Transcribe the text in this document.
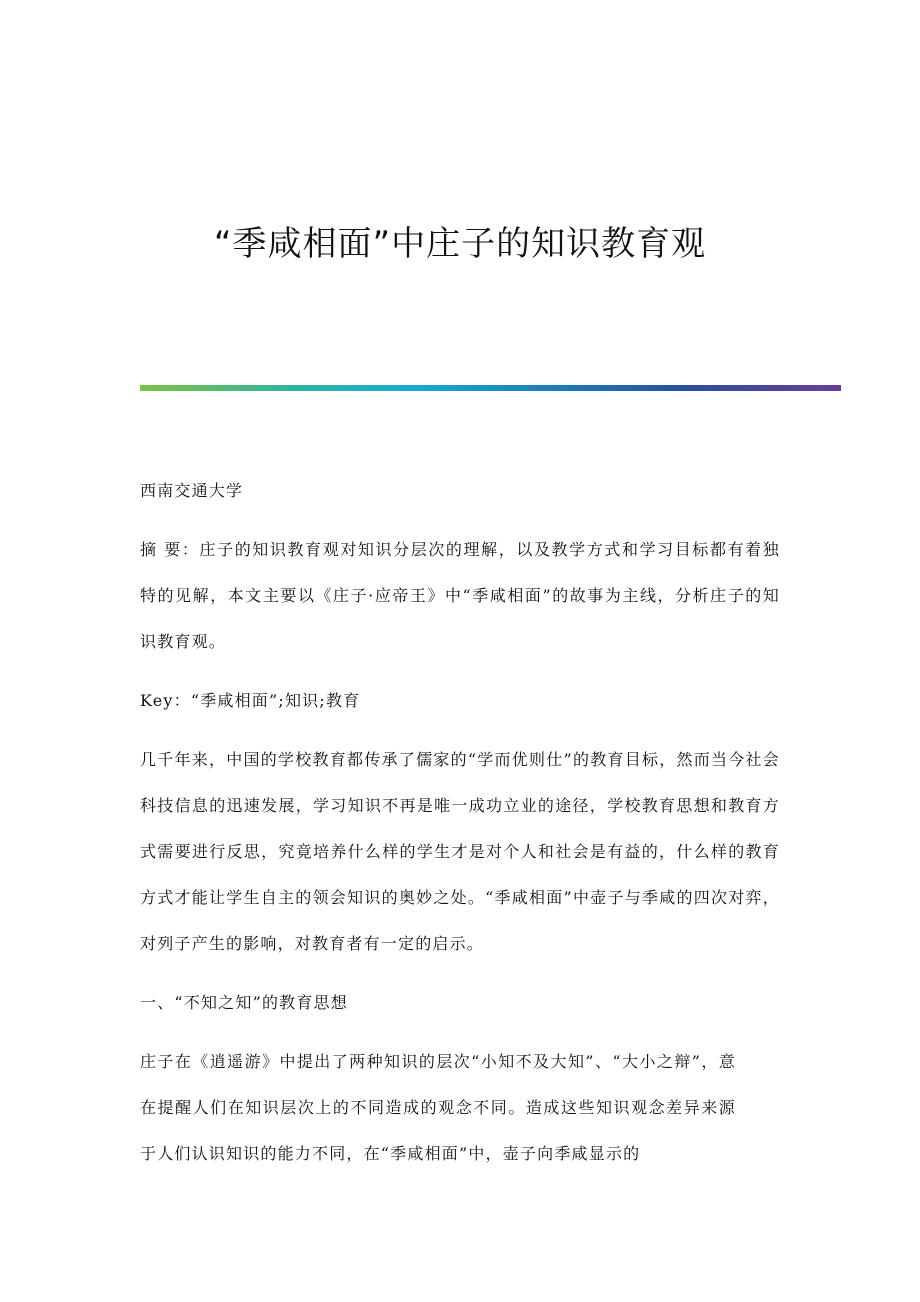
“季咸相面”中庄子的知识教育观

西南交通大学

摘 要：庄子的知识教育观对知识分层次的理解，以及教学方式和学习目标都有着独特的见解，本文主要以《庄子·应帝王》中“季咸相面”的故事为主线，分析庄子的知识教育观。

Key：“季咸相面”;知识;教育

几千年来，中国的学校教育都传承了儒家的“学而优则仕”的教育目标，然而当今社会科技信息的迅速发展，学习知识不再是唯一成功立业的途径，学校教育思想和教育方式需要进行反思，究竟培养什么样的学生才是对个人和社会是有益的，什么样的教育方式才能让学生自主的领会知识的奥妙之处。“季咸相面”中壶子与季咸的四次对弈，对列子产生的影响，对教育者有一定的启示。

一、“不知之知”的教育思想

庄子在《逍遥游》中提出了两种知识的层次“小知不及大知”、“大小之辩”，意在提醒人们在知识层次上的不同造成的观念不同。造成这些知识观念差异来源于人们认识知识的能力不同，在“季咸相面”中，壶子向季咸显示的
